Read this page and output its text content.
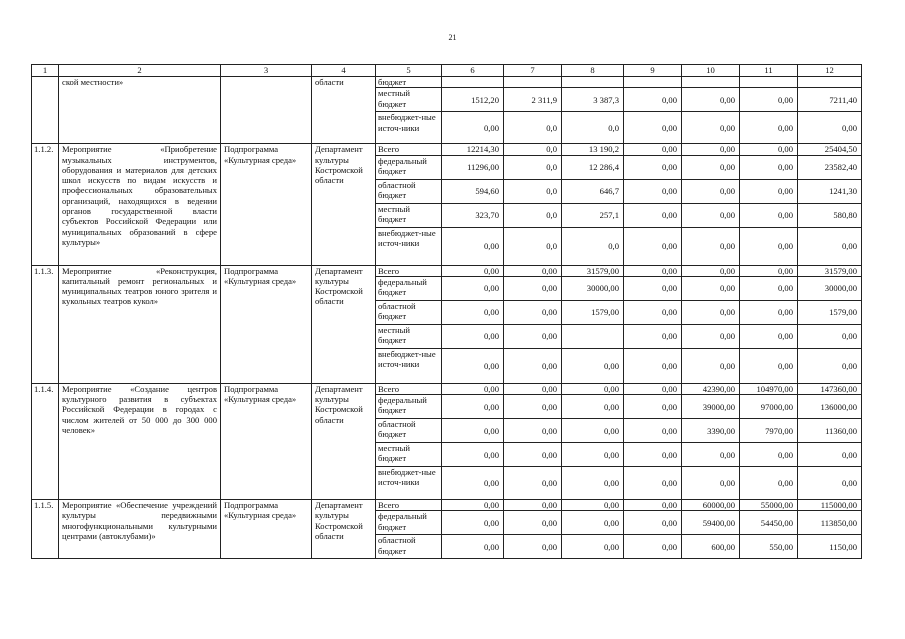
21
1	2	3	4	5	6	7	8	9	10	11	12
	ской местности»		области	бюджет							
				местный бюджет	1512,20	2 311,9	3 387,3	0,00	0,00	0,00	7211,40
				внебюджет-ные источ-ники	0,00	0,0	0,0	0,00	0,00	0,00	0,00
1.1.2.	Мероприятие «Приобретение музыкальных инструментов, оборудования и материалов для детских школ искусств по видам искусств и профессиональных образовательных организаций, находящихся в ведении органов государственной власти субъектов Российской Федерации или муниципальных образований в сфере культуры»	Подпрограмма «Культурная среда»	Департамент культуры Костромской области	Всего	12214,30	0,0	13 190,2	0,00	0,00	0,00	25404,50
				федеральный бюджет	11296,00	0,0	12 286,4	0,00	0,00	0,00	23582,40
				областной бюджет	594,60	0,0	646,7	0,00	0,00	0,00	1241,30
				местный бюджет	323,70	0,0	257,1	0,00	0,00	0,00	580,80
				внебюджет-ные источ-ники	0,00	0,0	0,0	0,00	0,00	0,00	0,00
1.1.3.	Мероприятие «Реконструкция, капитальный ремонт региональных и муниципальных театров юного зрителя и кукольных театров кукол»	Подпрограмма «Культурная среда»	Департамент культуры Костромской области	Всего	0,00	0,00	31579,00	0,00	0,00	0,00	31579,00
				федеральный бюджет	0,00	0,00	30000,00	0,00	0,00	0,00	30000,00
				областной бюджет	0,00	0,00	1579,00	0,00	0,00	0,00	1579,00
				местный бюджет	0,00	0,00		0,00	0,00	0,00	0,00
				внебюджет-ные источ-ники	0,00	0,00	0,00	0,00	0,00	0,00	0,00
1.1.4.	Мероприятие «Создание центров культурного развития в субъектах Российской Федерации в городах с числом жителей от 50 000 до 300 000 человек»	Подпрограмма «Культурная среда»	Департамент культуры Костромской области	Всего	0,00	0,00	0,00	0,00	42390,00	104970,00	147360,00
				федеральный бюджет	0,00	0,00	0,00	0,00	39000,00	97000,00	136000,00
				областной бюджет	0,00	0,00	0,00	0,00	3390,00	7970,00	11360,00
				местный бюджет	0,00	0,00	0,00	0,00	0,00	0,00	0,00
				внебюджет-ные источ-ники	0,00	0,00	0,00	0,00	0,00	0,00	0,00
1.1.5.	Мероприятие «Обеспечение учреждений культуры передвижными многофункциональными культурными центрами (автоклубами)»	Подпрограмма «Культурная среда»	Департамент культуры Костромской области	Всего	0,00	0,00	0,00	0,00	60000,00	55000,00	115000,00
				федеральный бюджет	0,00	0,00	0,00	0,00	59400,00	54450,00	113850,00
				областной бюджет	0,00	0,00	0,00	0,00	600,00	550,00	1150,00
